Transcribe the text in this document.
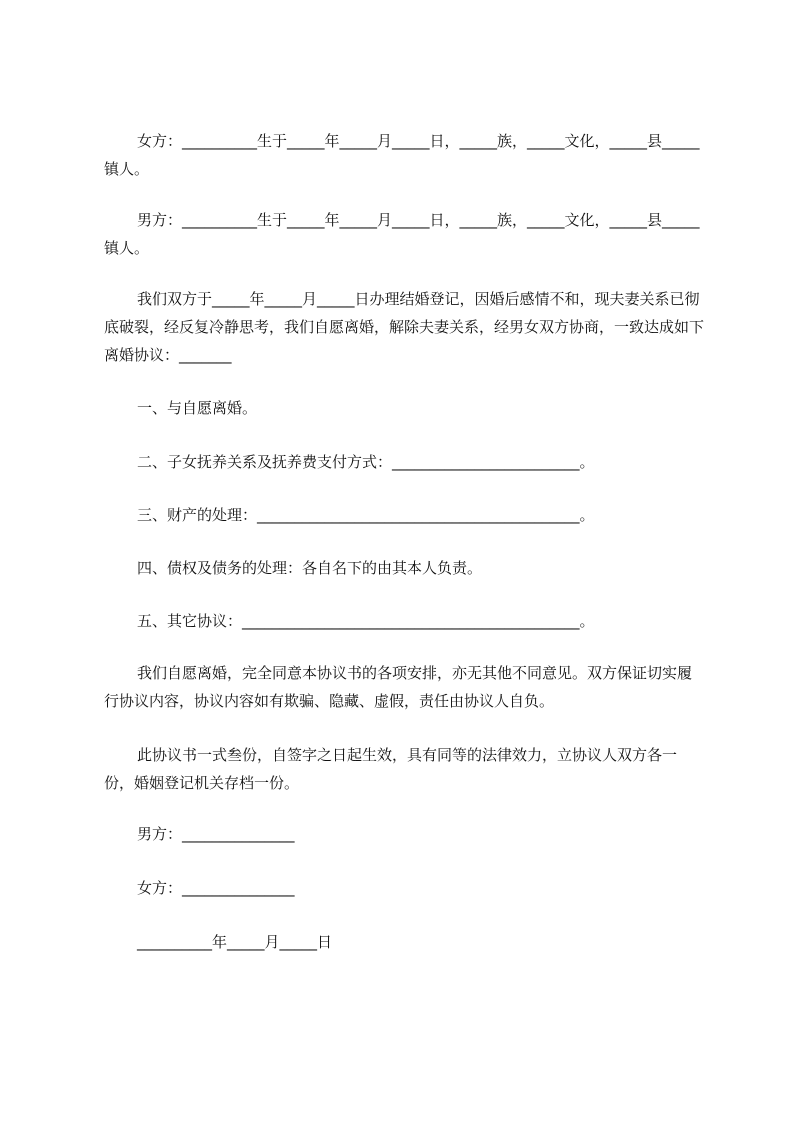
女方：__________生于_____年_____月_____日，_____族，_____文化，_____县_____镇人。
男方：__________生于_____年_____月_____日，_____族，_____文化，_____县_____镇人。
我们双方于_____年_____月_____日办理结婚登记，因婚后感情不和，现夫妻关系已彻底破裂，经反复冷静思考，我们自愿离婚，解除夫妻关系，经男女双方协商，一致达成如下离婚协议：_______
一、与自愿离婚。
二、子女抚养关系及抚养费支付方式：_________________________。
三、财产的处理：___________________________________________。
四、债权及债务的处理：各自名下的由其本人负责。
五、其它协议：_____________________________________________。
我们自愿离婚，完全同意本协议书的各项安排，亦无其他不同意见。双方保证切实履行协议内容，协议内容如有欺骗、隐藏、虚假，责任由协议人自负。
此协议书一式叁份，自签字之日起生效，具有同等的法律效力，立协议人双方各一份，婚姻登记机关存档一份。
男方：_______________
女方：_______________
__________年_____月_____日
